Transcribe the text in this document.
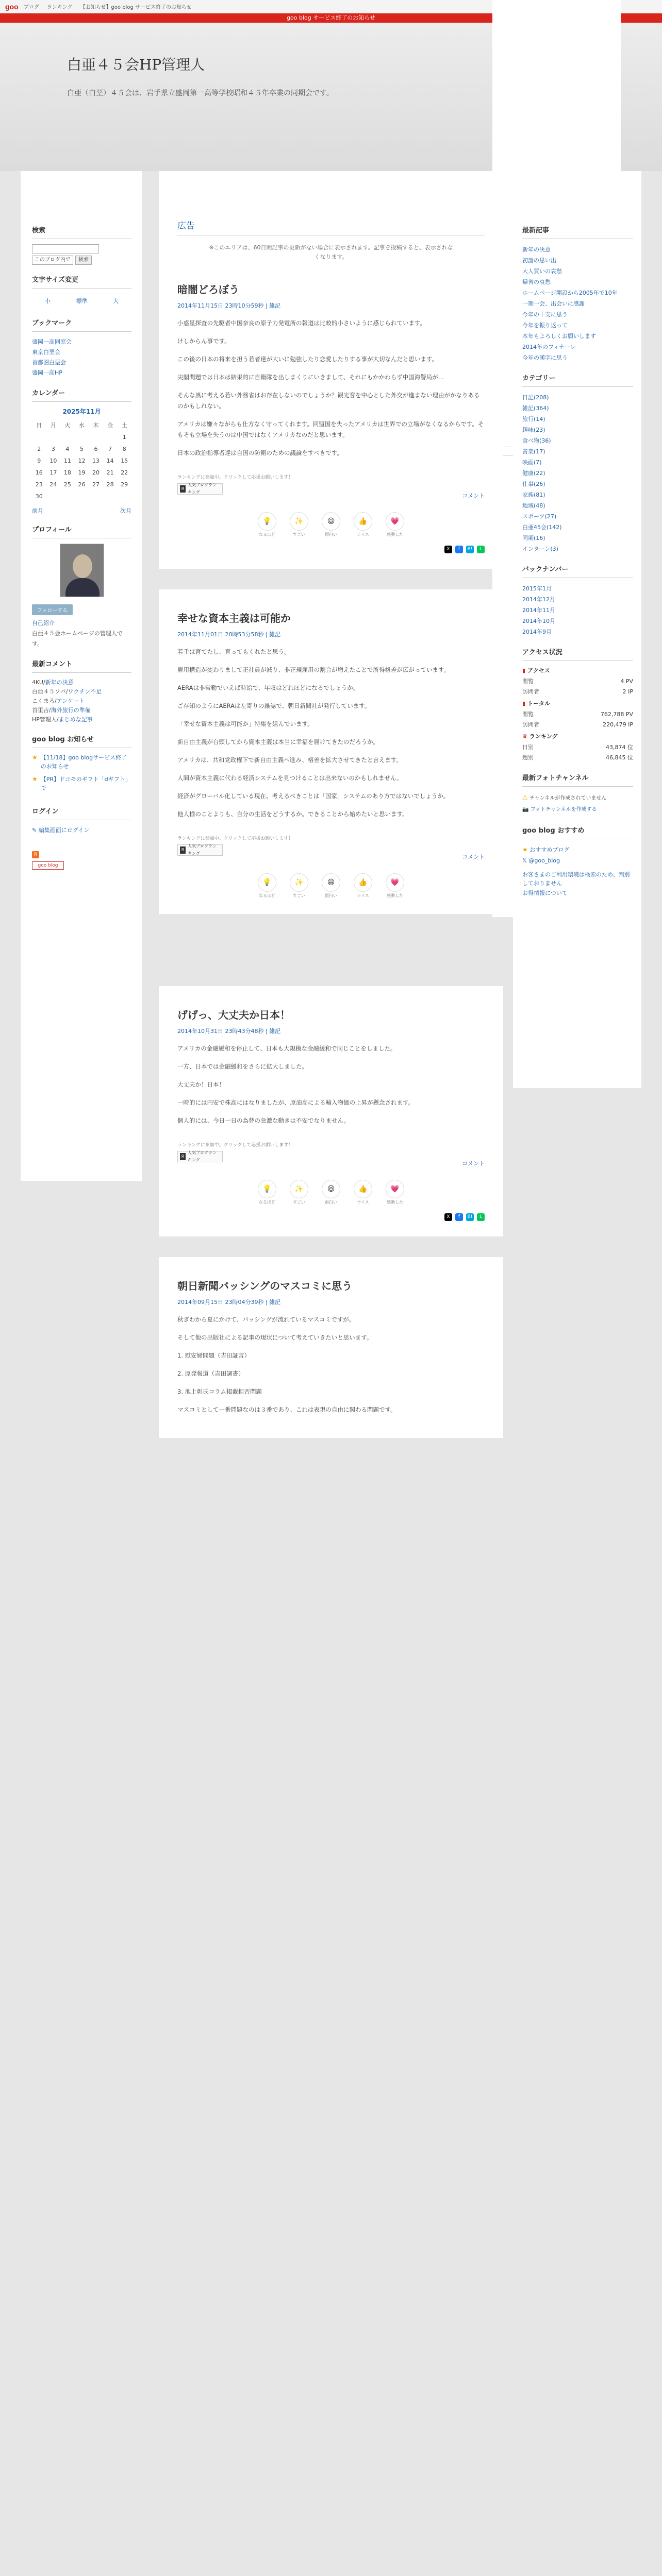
goo ブログ ランキング 【お知らせ】goo blog サービス終了のお知らせ
goo blog サービス終了のお知らせ
白亜４５会HP管理人
白亜（白堊）４５会は、岩手県立盛岡第一高等学校昭和４５年卒業の同期会です。
検索
このブログ内で	検索
文字サイズ変更
小	標準	大
ブックマーク
盛岡一高同窓会
東京白堊会
首都圏白堊会
盛岡一高HP
カレンダー
2025年11月
日	月	火	水	木	金	土
						1
2	3	4	5	6	7	8
9	10	11	12	13	14	15
16	17	18	19	20	21	22
23	24	25	26	27	28	29
30						
前月	次月
プロフィール
フォローする
自己紹介
白亜４５会ホームページの管理人です。
最新コメント
4KU/新年の決意
白亜４５ソバ/ワクチン不足
こくまろ/アンケート
首里吉/海外旅行の準備
HP管理人/まじめな記事
goo blog お知らせ
★ 【11/18】goo blogサービス終了のお知らせ
★ 【PR】ドコモのギフト「dギフト」で
ログイン
✎ 編集画面にログイン
R
goo blog
広告
※このエリアは、60日間記事の更新がない場合に表示されます。記事を投稿すると、表示されなくなります。
暗闇どろぼう
2014年11月15日 23時10分59秒 | 雑記

小惑星探査の先駆者中国奈良の原子力発電所の報道は比較的小さいように感じられています。

けしからん事です。

この後の日本の将来を担う若者達が大いに勉強したり恋愛したりする事が大切なんだと思います。

尖閣問題では日本は結果的に自衛隊を出しまくりにいきまして、それにもかかわらず中国海警局が…

そんな風に考える若い外務省はお存在しないのでしょうか？観光客を中心とした外交が進まない理由がかなりあるのかもしれない。

アメリカは嫌々ながらも仕方なく守ってくれます。同盟国を失ったアメリカは世界での立場がなくなるからです。そもそも立場を失うのは中国ではなくアメリカなのだと思います。

日本の政治指導者達は自国の防衛のための議論をすべきです。

ランキングに参加中。クリックして応援お願いします！
R
人気ブログランキング
コメント
💡
なるほど
✨
すごい
😆
面白い
👍
ナイス
💗
感動した
X	f	B!	L
幸せな資本主義は可能か
2014年11月01日 20時53分58秒 | 雑記

若手は育てたし、育ってもくれたと思う。

雇用構造が変わりまして正社員が減り、非正規雇用の割合が増えたことで所得格差が広がっています。

AERAは非常勤でいえば時給で、年収はどれほどになるでしょうか。

ご存知のようにAERAは左寄りの雑誌で、朝日新聞社が発行しています。

「幸せな資本主義は可能か」特集を組んでいます。

新自由主義が台頭してから資本主義は本当に幸福を届けてきたのだろうか。

アメリカは、共和党政権下で新自由主義へ進み、格差を拡大させてきたと言えます。

人間が資本主義に代わる経済システムを見つけることは出来ないのかもしれません。

経済がグローバル化している現在、考えるべきことは「国家」システムのあり方ではないでしょうか。

他人様のことよりも、自分の生活をどうするか。できることから始めたいと思います。

ランキングに参加中。クリックして応援お願いします！
R
人気ブログランキング
コメント
💡
なるほど
✨
すごい
😆
面白い
👍
ナイス
💗
感動した
げげっ、大丈夫か日本！
2014年10月31日 23時43分48秒 | 雑記

アメリカの金融緩和を停止して、日本も大規模な金融緩和で同じことをしました。

一方、日本では金融緩和をさらに拡大しました。

大丈夫か！日本！

一時的には円安で株高にはなりましたが、原油高による輸入物価の上昇が懸念されます。

個人的には、今日一日の為替の急激な動きは不安でなりません。

ランキングに参加中。クリックして応援お願いします！
R
人気ブログランキング
コメント
💡
なるほど
✨
すごい
😆
面白い
👍
ナイス
💗
感動した
X	f	B!	L
朝日新聞バッシングのマスコミに思う
2014年09月15日 23時04分39秒 | 雑記

秋ぎわから夏にかけて、バッシングが流れているマスコミですが。

そして他の出版社による記事の現状について考えていきたいと思います。

1. 慰安婦問題（吉田証言）

2. 原発報道（吉田調書）

3. 池上彰氏コラム掲載拒否問題

マスコミとして一番問題なのは３番であり、これは表現の自由に関わる問題です。

最新記事
新年の決意
初詣の思い出
大人買いの哀愁
帰省の哀愁
ホームページ開設から2005年で10年
一期一会、出会いに感謝
今年の干支に思う
今年を振り返って
本年もよろしくお願いします
2014年のフィナーレ
今年の漢字に思う
カテゴリー
日記(208)
雑記(364)
旅行(14)
趣味(23)
食べ物(36)
音楽(17)
映画(7)
健康(22)
仕事(26)
家族(81)
地域(48)
スポーツ(27)
白亜45会(142)
同期(16)
インターン(3)
バックナンバー
2015年1月
2014年12月
2014年11月
2014年10月
2014年9月
アクセス状況
▮ アクセス
閲覧	4 PV
訪問者	2 IP
▮ トータル
閲覧	762,788 PV
訪問者	220,479 IP
♛ ランキング
日別	43,874 位
週別	46,845 位
最新フォトチャンネル
⚠ チャンネルが作成されていません
📷 フォトチャンネルを作成する
goo blog おすすめ
★ おすすめブログ
𝕏 @goo_blog
お客さまのご利用環境は検索のため、判別しておりません
お得情報について
